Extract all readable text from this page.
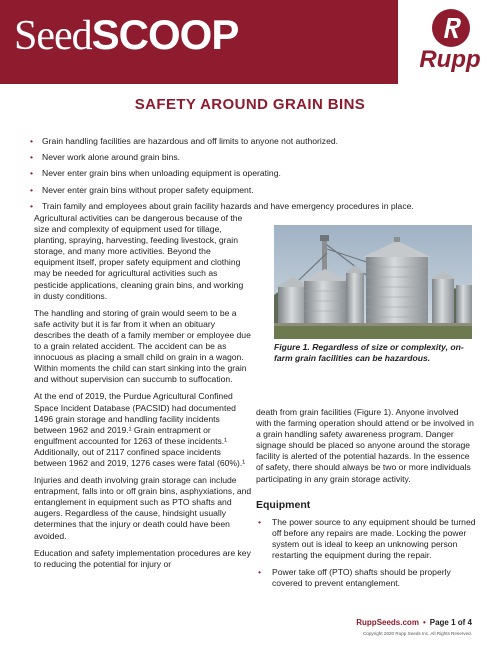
SeedSCOOP
Rupp
SAFETY AROUND GRAIN BINS
• Grain handling facilities are hazardous and off limits to anyone not authorized.
• Never work alone around grain bins.
• Never enter grain bins when unloading equipment is operating.
• Never enter grain bins without proper safety equipment.
• Train family and employees about grain facility hazards and have emergency procedures in place.

Agricultural activities can be dangerous because of the size and complexity of equipment used for tillage, planting, spraying, harvesting, feeding livestock, grain storage, and many more activities. Beyond the equipment itself, proper safety equipment and clothing may be needed for agricultural activities such as pesticide applications, cleaning grain bins, and working in dusty conditions.

The handling and storing of grain would seem to be a safe activity but it is far from it when an obituary describes the death of a family member or employee due to a grain related accident. The accident can be as innocuous as placing a small child on grain in a wagon. Within moments the child can start sinking into the grain and without supervision can succumb to suffocation.

At the end of 2019, the Purdue Agricultural Confined Space Incident Database (PACSID) had documented 1496 grain storage and handling facility incidents between 1962 and 2019.¹ Grain entrapment or engulfment accounted for 1263 of these incidents.¹ Additionally, out of 2117 confined space incidents between 1962 and 2019, 1276 cases were fatal (60%).¹

Injuries and death involving grain storage can include entrapment, falls into or off grain bins, asphyxiations, and entanglement in equipment such as PTO shafts and augers. Regardless of the cause, hindsight usually determines that the injury or death could have been avoided.

Education and safety implementation procedures are key to reducing the potential for injury or

Figure 1. Regardless of size or complexity, on-farm grain facilities can be hazardous.

death from grain facilities (Figure 1). Anyone involved with the farming operation should attend or be involved in a grain handling safety awareness program. Danger signage should be placed so anyone around the storage facility is alerted of the potential hazards. In the essence of safety, there should always be two or more individuals participating in any grain storage activity.

Equipment
• The power source to any equipment should be turned off before any repairs are made. Locking the power system out is ideal to keep an unknowing person restarting the equipment during the repair.
• Power take off (PTO) shafts should be properly covered to prevent entanglement.
RuppSeeds.com • Page 1 of 4
Copyright 2020 Rupp Seeds Inc. All Rights Reserved.
